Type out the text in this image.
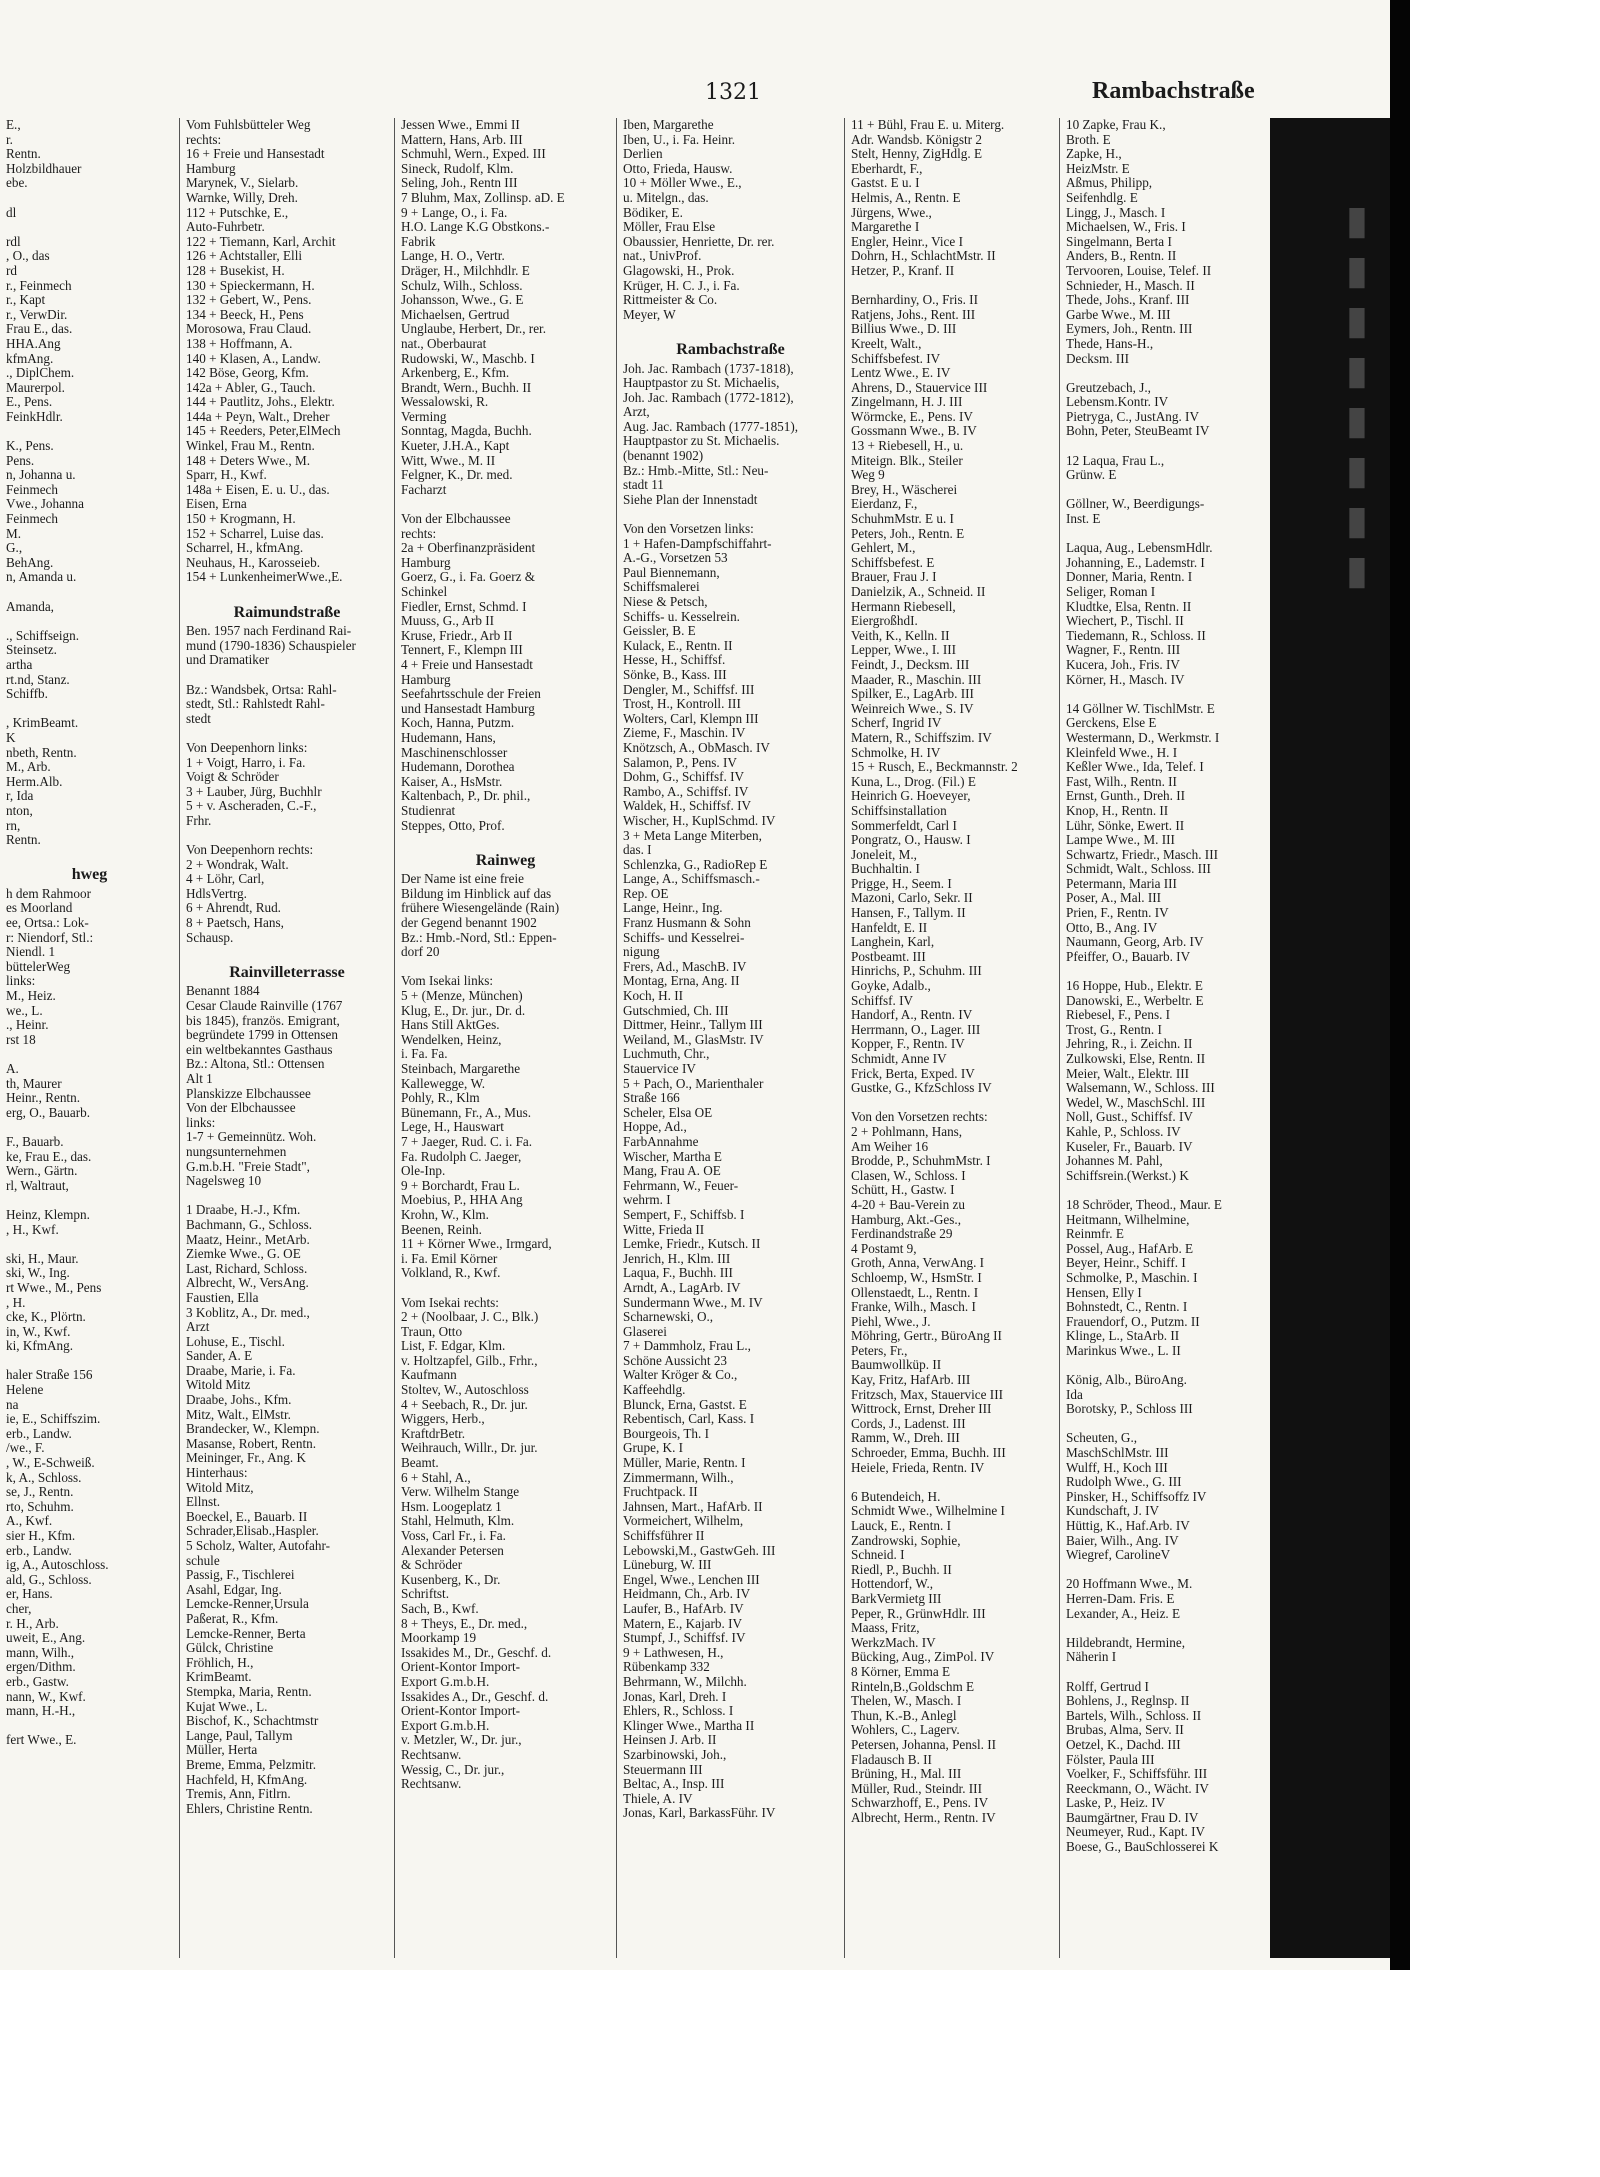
1321	Rambachstraße
E.,
r.
Rentn.
Holzbildhauer
ebe.

dl

rdl
, O., das
rd
r., Feinmech
r., Kapt
r., VerwDir.
Frau E., das.
HHA.Ang
kfmAng.
., DiplChem.
Maurerpol.
E., Pens.
FeinkHdlr.

K., Pens.
Pens.
n, Johanna u.
Feinmech
Vwe., Johanna
Feinmech
M.
G.,
BehAng.
n, Amanda u.

Amanda,

., Schiffseign.
Steinsetz.
artha
rt.nd, Stanz.
Schiffb.

, KrimBeamt.
K
nbeth, Rentn.
M., Arb.
Herm.Alb.
r, Ida
nton,
rn,
Rentn.

hweg
h dem Rahmoor
es Moorland
ee, Ortsa.: Lok-
r: Niendorf, Stl.:
Niendl. 1
büttelerWeg
links:
M., Heiz.
we., L.
., Heinr.
rst 18

A.
th, Maurer
Heinr., Rentn.
erg, O., Bauarb.

F., Bauarb.
ke, Frau E., das.
Wern., Gärtn.
rl, Waltraut,

Heinz, Klempn.
, H., Kwf.

ski, H., Maur.
ski, W., Ing.
rt Wwe., M., Pens
, H.
cke, K., Plörtn.
in, W., Kwf.
ki, KfmAng.

haler Straße 156
Helene
na
ie, E., Schiffszim.
erb., Landw.
/we., F.
, W., E-Schweiß.
k, A., Schloss.
se, J., Rentn.
rto, Schuhm.
A., Kwf.
sier H., Kfm.
erb., Landw.
ig, A., Autoschloss.
ald, G., Schloss.
er, Hans.
cher,
r. H., Arb.
uweit, E., Ang.
mann, Wilh.,
ergen/Dithm.
erb., Gastw.
nann, W., Kwf.
mann, H.-H.,

fert Wwe., E.
Vom Fuhlsbütteler Weg
rechts:
16 + Freie und Hansestadt
Hamburg
Marynek, V., Sielarb.
Warnke, Willy, Dreh.
112 + Putschke, E.,
Auto-Fuhrbetr.
122 + Tiemann, Karl, Archit
126 + Achtstaller, Elli
128 + Busekist, H.
130 + Spieckermann, H.
132 + Gebert, W., Pens.
134 + Beeck, H., Pens
Morosowa, Frau Claud.
138 + Hoffmann, A.
140 + Klasen, A., Landw.
142 Böse, Georg, Kfm.
142a + Abler, G., Tauch.
144 + Pautlitz, Johs., Elektr.
144a + Peyn, Walt., Dreher
145 + Reeders, Peter,ElMech
Winkel, Frau M., Rentn.
148 + Deters Wwe., M.
Sparr, H., Kwf.
148a + Eisen, E. u. U., das.
Eisen, Erna
150 + Krogmann, H.
152 + Scharrel, Luise das.
Scharrel, H., kfmAng.
Neuhaus, H., Karosseieb.
154 + LunkenheimerWwe.,E.

Raimundstraße
Ben. 1957 nach Ferdinand Rai-
mund (1790-1836) Schauspieler
und Dramatiker

Bz.: Wandsbek, Ortsa: Rahl-
stedt, Stl.: Rahlstedt Rahl-
stedt

Von Deepenhorn links:
1 + Voigt, Harro, i. Fa.
Voigt & Schröder
3 + Lauber, Jürg, Buchhlr
5 + v. Ascheraden, C.-F.,
Frhr.

Von Deepenhorn rechts:
2 + Wondrak, Walt.
4 + Löhr, Carl,
HdlsVertrg.
6 + Ahrendt, Rud.
8 + Paetsch, Hans,
Schausp.

Rainvilleterrasse
Benannt 1884
Cesar Claude Rainville (1767
bis 1845), französ. Emigrant,
begründete 1799 in Ottensen
ein weltbekanntes Gasthaus
Bz.: Altona, Stl.: Ottensen
Alt 1
Planskizze Elbchaussee
Von der Elbchaussee
links:
1-7 + Gemeinnütz. Woh.
nungsunternehmen
G.m.b.H. "Freie Stadt",
Nagelsweg 10

1 Draabe, H.-J., Kfm.
Bachmann, G., Schloss.
Maatz, Heinr., MetArb.
Ziemke Wwe., G. OE
Last, Richard, Schloss.
Albrecht, W., VersAng.
Faustien, Ella
3 Koblitz, A., Dr. med.,
Arzt
Lohuse, E., Tischl.
Sander, A. E
Draabe, Marie, i. Fa.
Witold Mitz
Draabe, Johs., Kfm.
Mitz, Walt., ElMstr.
Brandecker, W., Klempn.
Masanse, Robert, Rentn.
Meininger, Fr., Ang. K
Hinterhaus:
Witold Mitz,
Ellnst.
Boeckel, E., Bauarb. II
Schrader,Elisab.,Haspler.
5 Scholz, Walter, Autofahr-
schule
Passig, F., Tischlerei
Asahl, Edgar, Ing.
Lemcke-Renner,Ursula
Paßerat, R., Kfm.
Lemcke-Renner, Berta
Gülck, Christine
Fröhlich, H.,
KrimBeamt.
Stempka, Maria, Rentn.
Kujat Wwe., L.
Bischof, K., Schachtmstr
Lange, Paul, Tallym
Müller, Herta
Breme, Emma, Pelzmitr.
Hachfeld, H, KfmAng.
Tremis, Ann, Fitlrn.
Ehlers, Christine Rentn.
Jessen Wwe., Emmi II
Mattern, Hans, Arb. III
Schmuhl, Wern., Exped. III
Sineck, Rudolf, Klm.
Seling, Joh., Rentn III
7 Bluhm, Max, Zollinsp. aD. E
9 + Lange, O., i. Fa.
H.O. Lange K.G Obstkons.-
Fabrik
Lange, H. O., Vertr.
Dräger, H., Milchhdlr. E
Schulz, Wilh., Schloss.
Johansson, Wwe., G. E
Michaelsen, Gertrud
Unglaube, Herbert, Dr., rer.
nat., Oberbaurat
Rudowski, W., Maschb. I
Arkenberg, E., Kfm.
Brandt, Wern., Buchh. II
Wessalowski, R.
Verming
Sonntag, Magda, Buchh.
Kueter, J.H.A., Kapt
Witt, Wwe., M. II
Felgner, K., Dr. med.
Facharzt

Von der Elbchaussee
rechts:
2a + Oberfinanzpräsident
Hamburg
Goerz, G., i. Fa. Goerz &
Schinkel
Fiedler, Ernst, Schmd. I
Muuss, G., Arb II
Kruse, Friedr., Arb II
Tennert, F., Klempn III
4 + Freie und Hansestadt
Hamburg
Seefahrtsschule der Freien
und Hansestadt Hamburg
Koch, Hanna, Putzm.
Hudemann, Hans,
Maschinenschlosser
Hudemann, Dorothea
Kaiser, A., HsMstr.
Kaltenbach, P., Dr. phil.,
Studienrat
Steppes, Otto, Prof.

Rainweg
Der Name ist eine freie
Bildung im Hinblick auf das
frühere Wiesengelände (Rain)
der Gegend benannt 1902
Bz.: Hmb.-Nord, Stl.: Eppen-
dorf 20

Vom Isekai links:
5 + (Menze, München)
Klug, E., Dr. jur., Dr. d.
Hans Still AktGes.
Wendelken, Heinz,
i. Fa. Fa.
Steinbach, Margarethe
Kalleweggе, W.
Pohly, R., Klm
Bünemann, Fr., A., Mus.
Lege, H., Hauswart
7 + Jaeger, Rud. C. i. Fa.
Fa. Rudolph C. Jaeger,
Ole-Inp.
9 + Borchardt, Frau L.
Moebius, P., HHA Ang
Krohn, W., Klm.
Beenen, Reinh.
11 + Körner Wwe., Irmgard,
i. Fa. Emil Körner
Volkland, R., Kwf.

Vom Isekai rechts:
2 + (Noolbaar, J. C., Blk.)
Traun, Otto
List, F. Edgar, Klm.
v. Holtzapfel, Gilb., Frhr.,
Kaufmann
Stoltev, W., Autoschloss
4 + Seebach, R., Dr. jur.
Wiggers, Herb.,
KraftdrBetr.
Weihrauch, Willr., Dr. jur.
Beamt.
6 + Stahl, A.,
Verw. Wilhelm Stange
Hsm. Loogeplatz 1
Stahl, Helmuth, Klm.
Voss, Carl Fr., i. Fa.
Alexander Petersen
& Schröder
Kusenberg, K., Dr.
Schriftst.
Sach, B., Kwf.
8 + Theys, E., Dr. med.,
Moorkamp 19
Issakides M., Dr., Geschf. d.
Orient-Kontor Import-
Export G.m.b.H.
Issakides A., Dr., Geschf. d.
Orient-Kontor Import-
Export G.m.b.H.
v. Metzler, W., Dr. jur.,
Rechtsanw.
Wessig, C., Dr. jur.,
Rechtsanw.
Iben, Margarethe
Iben, U., i. Fa. Heinr.
Derlien
Otto, Frieda, Hausw.
10 + Möller Wwe., E.,
u. Mitelgn., das.
Bödiker, E.
Möller, Frau Else
Obaussier, Henriette, Dr. rer.
nat., UnivProf.
Glagowski, H., Prok.
Krüger, H. C. J., i. Fa.
Rittmeister & Co.
Meyer, W

Rambachstraße
Joh. Jac. Rambach (1737-1818),
Hauptpastor zu St. Michaelis,
Joh. Jac. Rambach (1772-1812),
Arzt,
Aug. Jac. Rambach (1777-1851),
Hauptpastor zu St. Michaelis.
(benannt 1902)
Bz.: Hmb.-Mitte, Stl.: Neu-
stadt 11
Siehe Plan der Innenstadt

Von den Vorsetzen links:
1 + Hafen-Dampfschiffahrt-
A.-G., Vorsetzen 53
Paul Biennemann,
Schiffsmalerei
Niese & Petsch,
Schiffs- u. Kesselrein.
Geissler, B. E
Kulack, E., Rentn. II
Hesse, H., Schiffsf.
Sönke, B., Kass. III
Dengler, M., Schiffsf. III
Trost, H., Kontroll. III
Wolters, Carl, Klempn III
Zieme, F., Maschin. IV
Knötzsch, A., ObMasch. IV
Salamon, P., Pens. IV
Dohm, G., Schiffsf. IV
Rambo, A., Schiffsf. IV
Waldek, H., Schiffsf. IV
Wischer, H., KuplSchmd. IV
3 + Meta Lange Miterben,
das. I
Schlenzka, G., RadioRep E
Lange, A., Schiffsmasch.-
Rep. OE
Lange, Heinr., Ing.
Franz Husmann & Sohn
Schiffs- und Kesselrei-
nigung
Frers, Ad., MaschB. IV
Montag, Erna, Ang. II
Koch, H. II
Gutschmied, Ch. III
Dittmer, Heinr., Tallym III
Weiland, M., GlasMstr. IV
Luchmuth, Chr.,
Stauervice IV
5 + Pach, O., Marienthaler
Straße 166
Scheler, Elsa OE
Hoppe, Ad.,
FarbAnnahme
Wischer, Martha E
Mang, Frau A. OE
Fehrmann, W., Feuer-
wehrm. I
Sempert, F., Schiffsb. I
Witte, Frieda II
Lemke, Friedr., Kutsch. II
Jenrich, H., Klm. III
Laqua, F., Buchh. III
Arndt, A., LagArb. IV
Sundermann Wwe., M. IV
Scharnewski, O.,
Glaserei
7 + Dammholz, Frau L.,
Schöne Aussicht 23
Walter Kröger & Co.,
Kaffeehdlg.
Blunck, Erna, Gastst. E
Rebentisch, Carl, Kass. I
Bourgeois, Th. I
Grupe, K. I
Müller, Marie, Rentn. I
Zimmermann, Wilh.,
Fruchtpack. II
Jahnsen, Mart., HafArb. II
Vormeichert, Wilhelm,
Schiffsführer II
Lebowski,M., GastwGeh. III
Lüneburg, W. III
Engel, Wwe., Lenchen III
Heidmann, Ch., Arb. IV
Laufer, B., HafArb. IV
Matern, E., Kajarb. IV
Stumpf, J., Schiffsf. IV
9 + Lathwesen, H.,
Rübenkamp 332
Behrmann, W., Milchh.
Jonas, Karl, Dreh. I
Ehlers, R., Schloss. I
Klinger Wwe., Martha II
Heinsen J. Arb. II
Szarbinowski, Joh.,
Steuermann III
Beltac, A., Insp. III
Thiele, A. IV
Jonas, Karl, BarkassFühr. IV
11 + Bühl, Frau E. u. Miterg.
Adr. Wandsb. Königstr 2
Stelt, Henny, ZigHdlg. E
Eberhardt, F.,
Gastst. E u. I
Helmis, A., Rentn. E
Jürgens, Wwe.,
Margarethe I
Engler, Heinr., Vice I
Dohrn, H., SchlachtMstr. II
Hetzer, P., Kranf. II

Bernhardiny, O., Fris. II
Ratjens, Johs., Rent. III
Billius Wwe., D. III
Kreelt, Walt.,
Schiffsbefest. IV
Lentz Wwe., E. IV
Ahrens, D., Stauervice III
Zingelmann, H. J. III
Wörmcke, E., Pens. IV
Gossmann Wwe., B. IV
13 + Riebesell, H., u.
Miteign. Blk., Steiler
Weg 9
Brey, H., Wäscherei
Eierdanz, F.,
SchuhmMstr. E u. I
Peters, Joh., Rentn. E
Gehlert, M.,
Schiffsbefest. E
Brauer, Frau J. I
Danielzik, A., Schneid. II
Hermann Riebesell,
EiergroßhdI.
Veith, K., Kelln. II
Lepper, Wwe., I. III
Feindt, J., Decksm. III
Maader, R., Maschin. III
Spilker, E., LagArb. III
Weinreich Wwe., S. IV
Scherf, Ingrid IV
Matern, R., Schiffszim. IV
Schmolke, H. IV
15 + Rusch, E., Beckmannstr. 2
Kuna, L., Drog. (Fil.) E
Heinrich G. Hoeveyer,
Schiffsinstallation
Sommerfeldt, Carl I
Pongratz, O., Hausw. I
Joneleit, M.,
Buchhaltin. I
Prigge, H., Seem. I
Mazoni, Carlo, Sekr. II
Hansen, F., Tallym. II
Hanfeldt, E. II
Langhein, Karl,
Postbeamt. III
Hinrichs, P., Schuhm. III
Goyke, Adalb.,
Schiffsf. IV
Handorf, A., Rentn. IV
Herrmann, O., Lager. III
Kopper, F., Rentn. IV
Schmidt, Anne IV
Frick, Berta, Exped. IV
Gustke, G., KfzSchloss IV

Von den Vorsetzen rechts:
2 + Pohlmann, Hans,
Am Weiher 16
Brodde, P., SchuhmMstr. I
Clasen, W., Schloss. I
Schütt, H., Gastw. I
4-20 + Bau-Verein zu
Hamburg, Akt.-Ges.,
Ferdinandstraße 29
4 Postamt 9,
Groth, Anna, VerwAng. I
Schloemp, W., HsmStr. I
Ollenstaedt, L., Rentn. I
Franke, Wilh., Masch. I
Piehl, Wwe., J.
Möhring, Gertr., BüroAng II
Peters, Fr.,
Baumwollküp. II
Kay, Fritz, HafArb. III
Fritzsch, Max, Stauervice III
Wittrock, Ernst, Dreher III
Cords, J., Ladenst. III
Ramm, W., Dreh. III
Schroeder, Emma, Buchh. III
Heiele, Frieda, Rentn. IV

6 Butendeich, H.
Schmidt Wwe., Wilhelmine I
Lauck, E., Rentn. I
Zandrowski, Sophie,
Schneid. I
Riedl, P., Buchh. II
Hottendorf, W.,
BarkVermietg III
Peper, R., GrünwHdlr. III
Maass, Fritz,
WerkzMach. IV
Bücking, Aug., ZimPol. IV
8 Körner, Emma E
Rinteln,B.,Goldschm E
Thelen, W., Masch. I
Thun, K.-B., Anlegl
Wohlers, C., Lagerv.
Petersen, Johanna, Pensl. II
Fladausch B. II
Brüning, H., Mal. III
Müller, Rud., Steindr. III
Schwarzhoff, E., Pens. IV
Albrecht, Herm., Rentn. IV
10 Zapke, Frau K.,
Broth. E
Zapke, H.,
HeizMstr. E
Aßmus, Philipp,
Seifenhdlg. E
Lingg, J., Masch. I
Michaelsen, W., Fris. I
Singelmann, Berta I
Anders, B., Rentn. II
Tervooren, Louise, Telef. II
Schnieder, H., Masch. II
Thede, Johs., Kranf. III
Garbe Wwe., M. III
Eymers, Joh., Rentn. III
Thede, Hans-H.,
Decksm. III

Greutzebach, J.,
Lebensm.Kontr. IV
Pietryga, C., JustAng. IV
Bohn, Peter, SteuBeamt IV

12 Laqua, Frau L.,
Grünw. E

Göllner, W., Beerdigungs-
Inst. E

Laqua, Aug., LebensmHdlr.
Johanning, E., Lademstr. I
Donner, Maria, Rentn. I
Seliger, Roman I
Kludtke, Elsa, Rentn. II
Wiechert, P., Tischl. II
Tiedemann, R., Schloss. II
Wagner, F., Rentn. III
Kucera, Joh., Fris. IV
Körner, H., Masch. IV

14 Göllner W. TischlMstr. E
Gerckens, Else E
Westermann, D., Werkmstr. I
Kleinfeld Wwe., H. I
Keßler Wwe., Ida, Telef. I
Fast, Wilh., Rentn. II
Ernst, Gunth., Dreh. II
Knop, H., Rentn. II
Lühr, Sönke, Ewert. II
Lampe Wwe., M. III
Schwartz, Friedr., Masch. III
Schmidt, Walt., Schloss. III
Petermann, Maria III
Poser, A., Mal. III
Prien, F., Rentn. IV
Otto, B., Ang. IV
Naumann, Georg, Arb. IV
Pfeiffer, O., Bauarb. IV

16 Hoppe, Hub., Elektr. E
Danowski, E., Werbeltr. E
Riebesel, F., Pens. I
Trost, G., Rentn. I
Jehring, R., i. Zeichn. II
Zulkowski, Else, Rentn. II
Meier, Walt., Elektr. III
Walsemann, W., Schloss. III
Wedel, W., MaschSchl. III
Noll, Gust., Schiffsf. IV
Kahle, P., Schloss. IV
Kuseler, Fr., Bauarb. IV
Johannes M. Pahl,
Schiffsrein.(Werkst.) K

18 Schröder, Theod., Maur. E
Heitmann, Wilhelmine,
Reinmfr. E
Possel, Aug., HafArb. E
Beyer, Heinr., Schiff. I
Schmolke, P., Maschin. I
Hensen, Elly I
Bohnstedt, C., Rentn. I
Frauendorf, O., Putzm. II
Klinge, L., StaArb. II
Marinkus Wwe., L. II

König, Alb., BüroAng.
Ida
Borotsky, P., Schloss III

Scheuten, G.,
MaschSchlMstr. III
Wulff, H., Koch III
Rudolph Wwe., G. III
Pinsker, H., Schiffsoffz IV
Kundschaft, J. IV
Hüttig, K., Haf.Arb. IV
Baier, Wilh., Ang. IV
Wiegref, CarolineV

20 Hoffmann Wwe., M.
Herren-Dam. Fris. E
Lexander, A., Heiz. E

Hildebrandt, Hermine,
Näherin I

Rolff, Gertrud I
Bohlens, J., Reglnsp. II
Bartels, Wilh., Schloss. II
Brubas, Alma, Serv. II
Oetzel, K., Dachd. III
Fölster, Paula III
Voelker, F., Schiffsführ. III
Reeckmann, O., Wächt. IV
Laske, P., Heiz. IV
Baumgärtner, Frau D. IV
Neumeyer, Rud., Kapt. IV
Boese, G., BauSchlosserei K
▮▮▮▮▮▮▮▮
